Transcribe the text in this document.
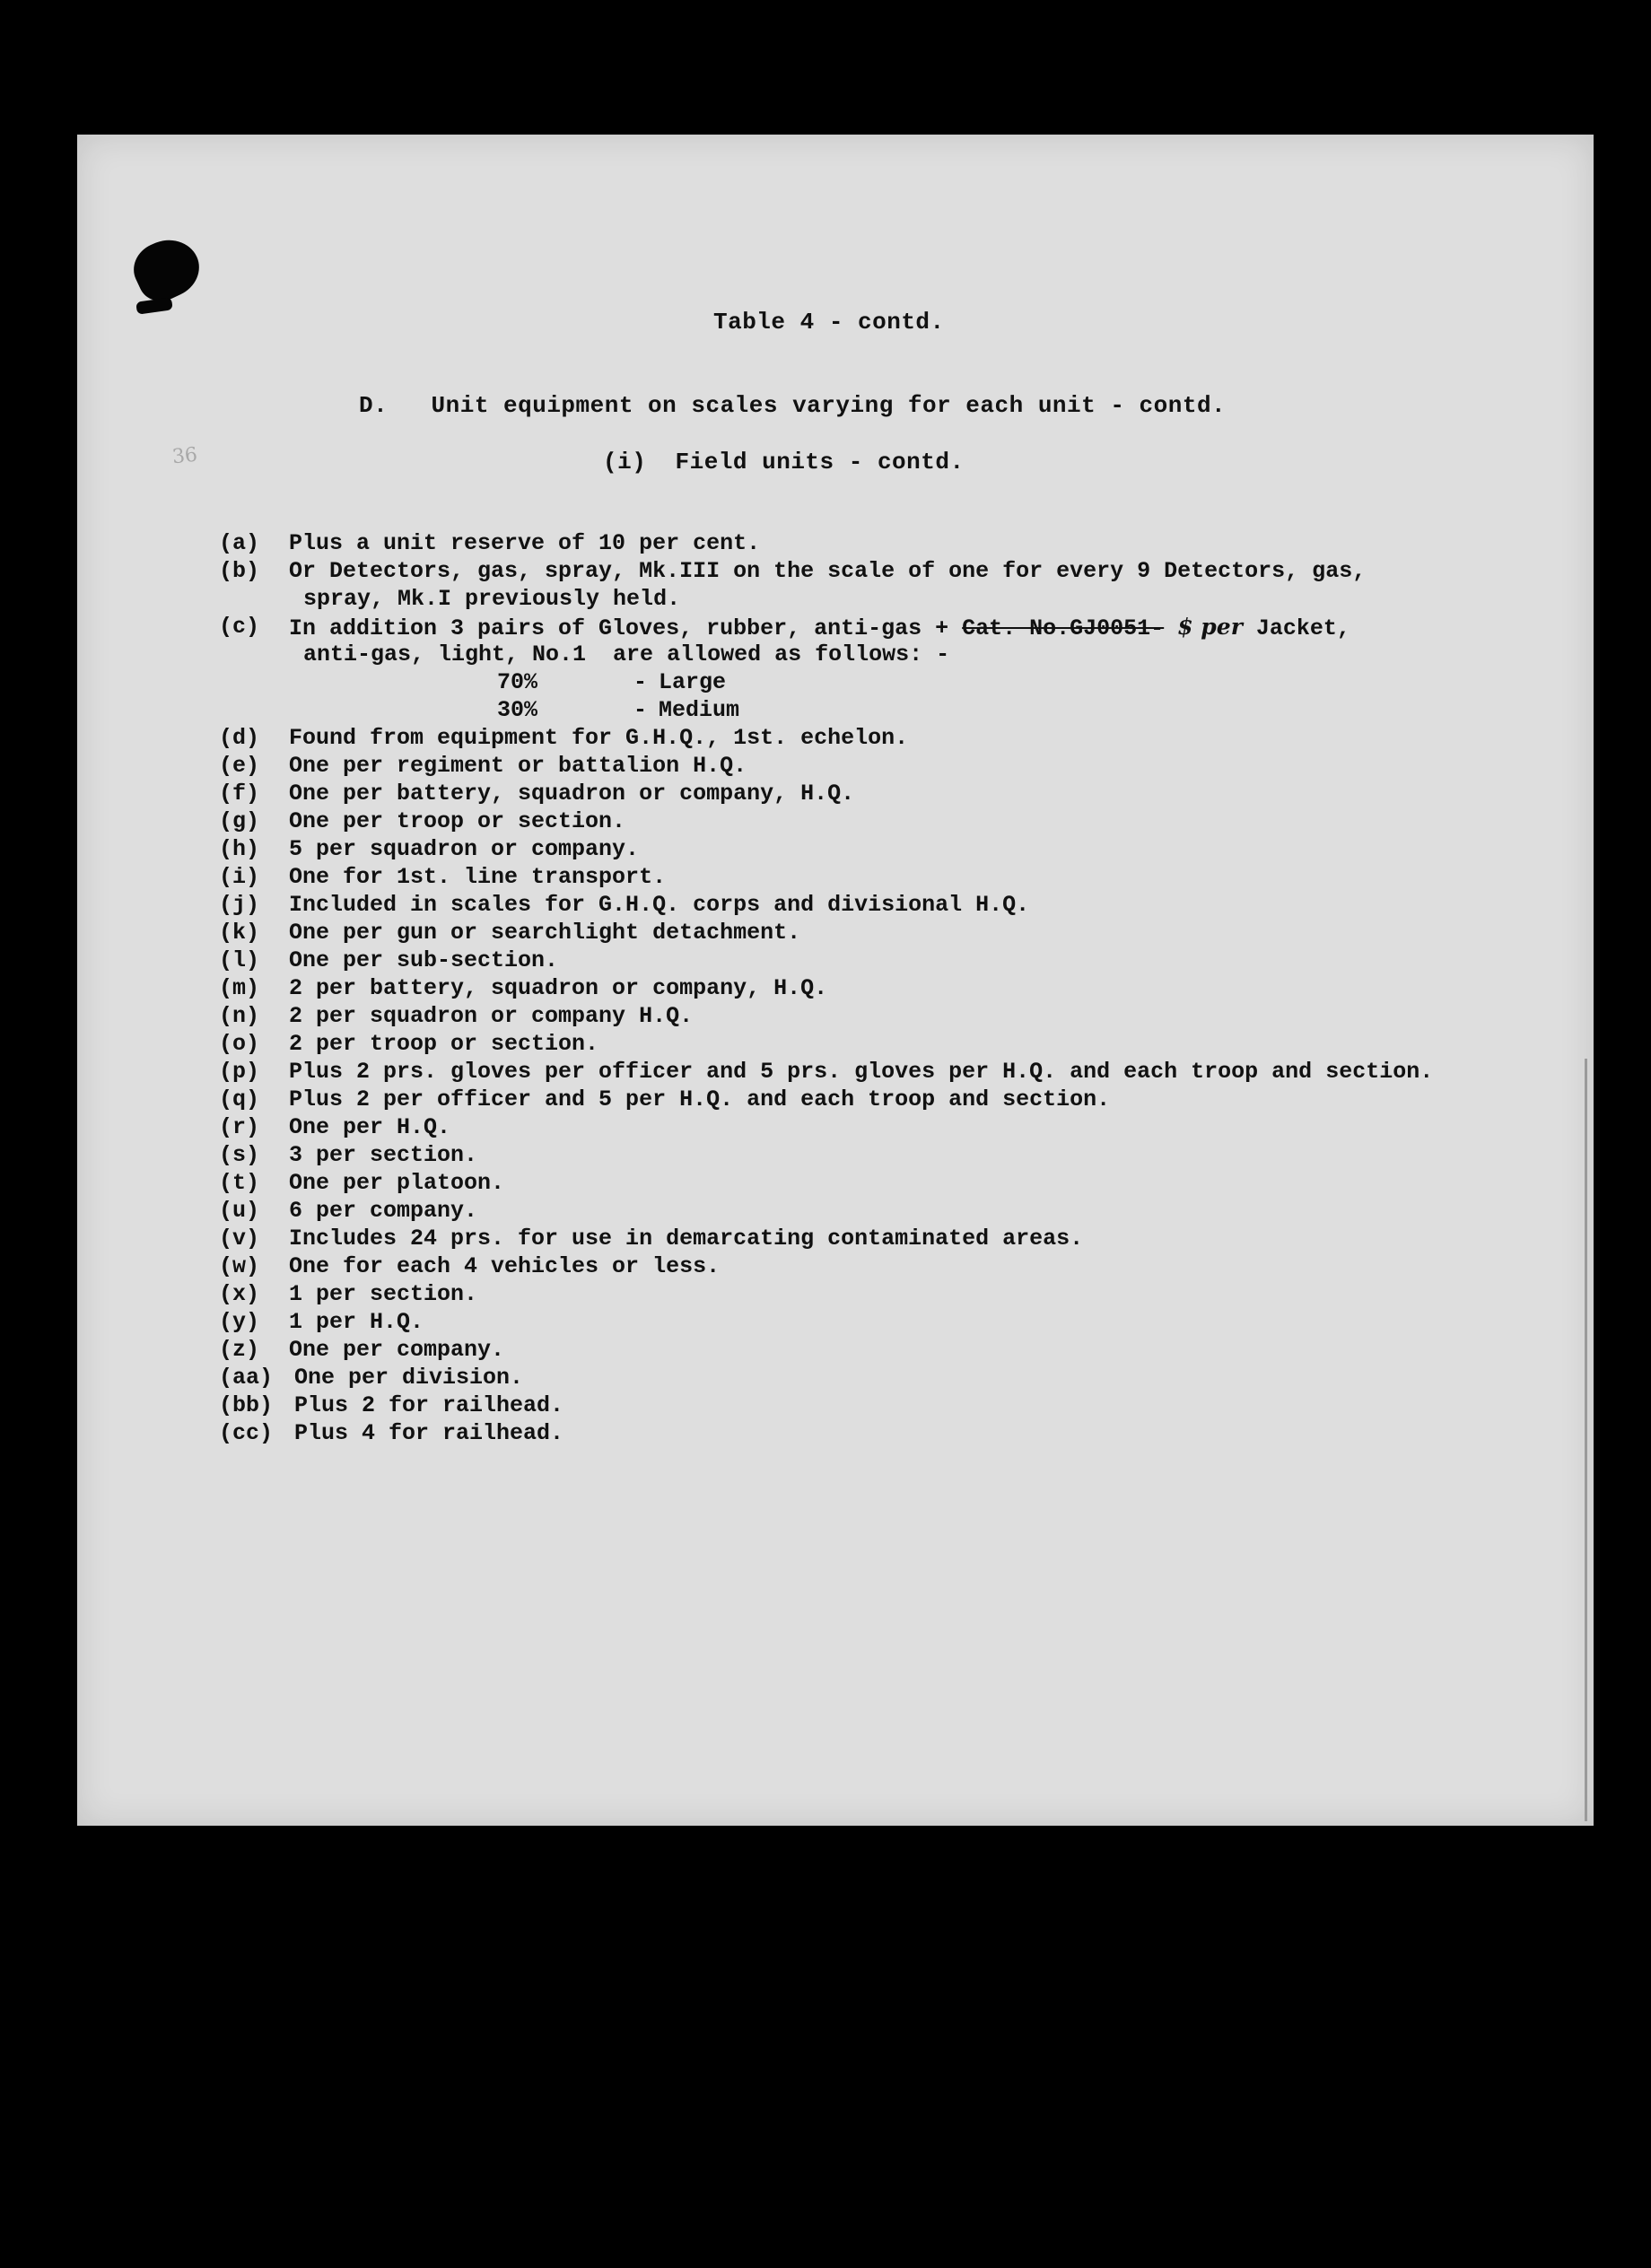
36
Table 4 - contd.
D.   Unit equipment on scales varying for each unit - contd.
(i)  Field units - contd.
(a)	Plus a unit reserve of 10 per cent.
(b)	Or Detectors, gas, spray, Mk.III on the scale of one for every 9 Detectors, gas,
spray, Mk.I previously held.
(c)	In addition 3 pairs of Gloves, rubber, anti-gas + Cat. No.GJ0051- $ per Jacket,
anti-gas, light, No.1  are allowed as follows: -
70%	- Large
30%	- Medium
(d)	Found from equipment for G.H.Q., 1st. echelon.
(e)	One per regiment or battalion H.Q.
(f)	One per battery, squadron or company, H.Q.
(g)	One per troop or section.
(h)	5 per squadron or company.
(i)	One for 1st. line transport.
(j)	Included in scales for G.H.Q. corps and divisional H.Q.
(k)	One per gun or searchlight detachment.
(l)	One per sub-section.
(m)	2 per battery, squadron or company, H.Q.
(n)	2 per squadron or company H.Q.
(o)	2 per troop or section.
(p)	Plus 2 prs. gloves per officer and 5 prs. gloves per H.Q. and each troop and section.
(q)	Plus 2 per officer and 5 per H.Q. and each troop and section.
(r)	One per H.Q.
(s)	3 per section.
(t)	One per platoon.
(u)	6 per company.
(v)	Includes 24 prs. for use in demarcating contaminated areas.
(w)	One for each 4 vehicles or less.
(x)	1 per section.
(y)	1 per H.Q.
(z)	One per company.
(aa) One per division.
(bb) Plus 2 for railhead.
(cc) Plus 4 for railhead.
